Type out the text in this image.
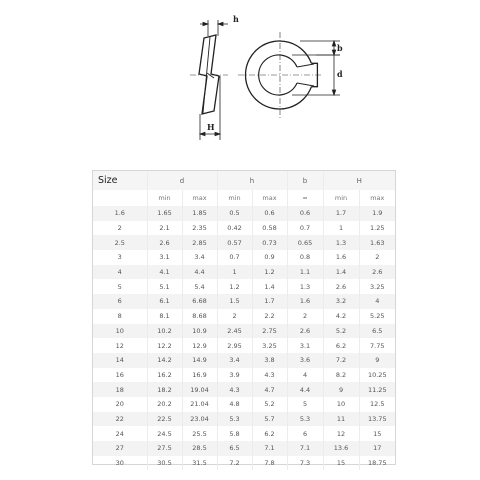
h
H
b
d
Size	d		h		b	H	
	min	max	min	max	≈	min	max
1.6	1.65	1.85	0.5	0.6	0.6	1.7	1.9
2	2.1	2.35	0.42	0.58	0.7	1	1.25
2.5	2.6	2.85	0.57	0.73	0.65	1.3	1.63
3	3.1	3.4	0.7	0.9	0.8	1.6	2
4	4.1	4.4	1	1.2	1.1	1.4	2.6
5	5.1	5.4	1.2	1.4	1.3	2.6	3.25
6	6.1	6.68	1.5	1.7	1.6	3.2	4
8	8.1	8.68	2	2.2	2	4.2	5.25
10	10.2	10.9	2.45	2.75	2.6	5.2	6.5
12	12.2	12.9	2.95	3.25	3.1	6.2	7.75
14	14.2	14.9	3.4	3.8	3.6	7.2	9
16	16.2	16.9	3.9	4.3	4	8.2	10.25
18	18.2	19.04	4.3	4.7	4.4	9	11.25
20	20.2	21.04	4.8	5.2	5	10	12.5
22	22.5	23.04	5.3	5.7	5.3	11	13.75
24	24.5	25.5	5.8	6.2	6	12	15
27	27.5	28.5	6.5	7.1	7.1	13.6	17
30	30.5	31.5	7.2	7.8	7.3	15	18.75
